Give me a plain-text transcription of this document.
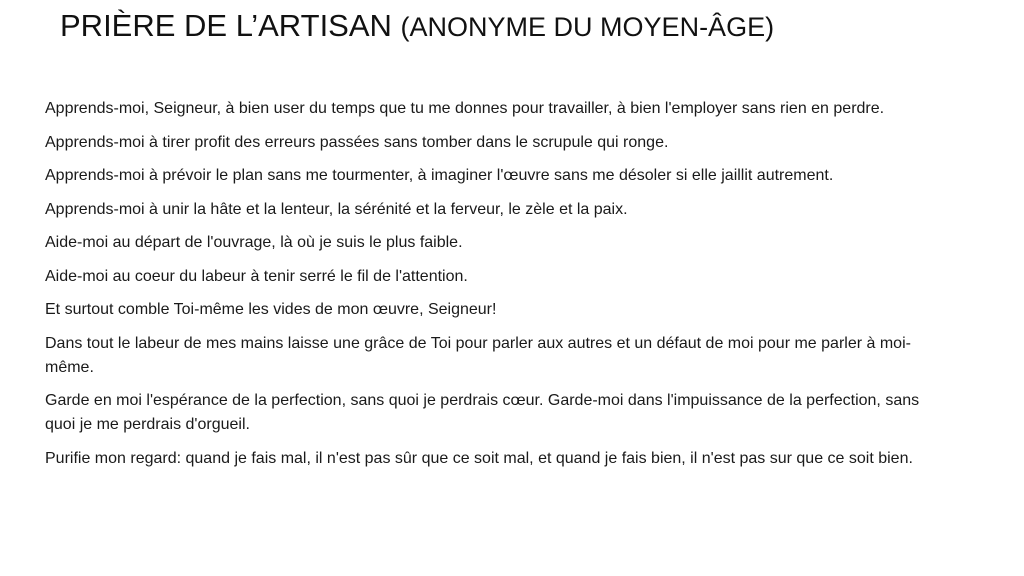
PRIÈRE DE L’ARTISAN (ANONYME DU MOYEN-ÂGE)

Apprends-moi, Seigneur, à bien user du temps que tu me donnes pour travailler, à bien l'employer sans rien en perdre.

Apprends-moi à tirer profit des erreurs passées sans tomber dans le scrupule qui ronge.

Apprends-moi à prévoir le plan sans me tourmenter, à imaginer l'œuvre sans me désoler si elle jaillit autrement.

Apprends-moi à unir la hâte et la lenteur, la sérénité et la ferveur, le zèle et la paix.

Aide-moi au départ de l'ouvrage, là où je suis le plus faible.

Aide-moi au coeur du labeur à tenir serré le fil de l'attention.

Et surtout comble Toi-même les vides de mon œuvre, Seigneur!

Dans tout le labeur de mes mains laisse une grâce de Toi pour parler aux autres et un défaut de moi pour me parler à moi-même.

Garde en moi l'espérance de la perfection, sans quoi je perdrais cœur. Garde-moi dans l'impuissance de la perfection, sans quoi je me perdrais d'orgueil.

Purifie mon regard: quand je fais mal, il n'est pas sûr que ce soit mal, et quand je fais bien, il n'est pas sur que ce soit bien.
